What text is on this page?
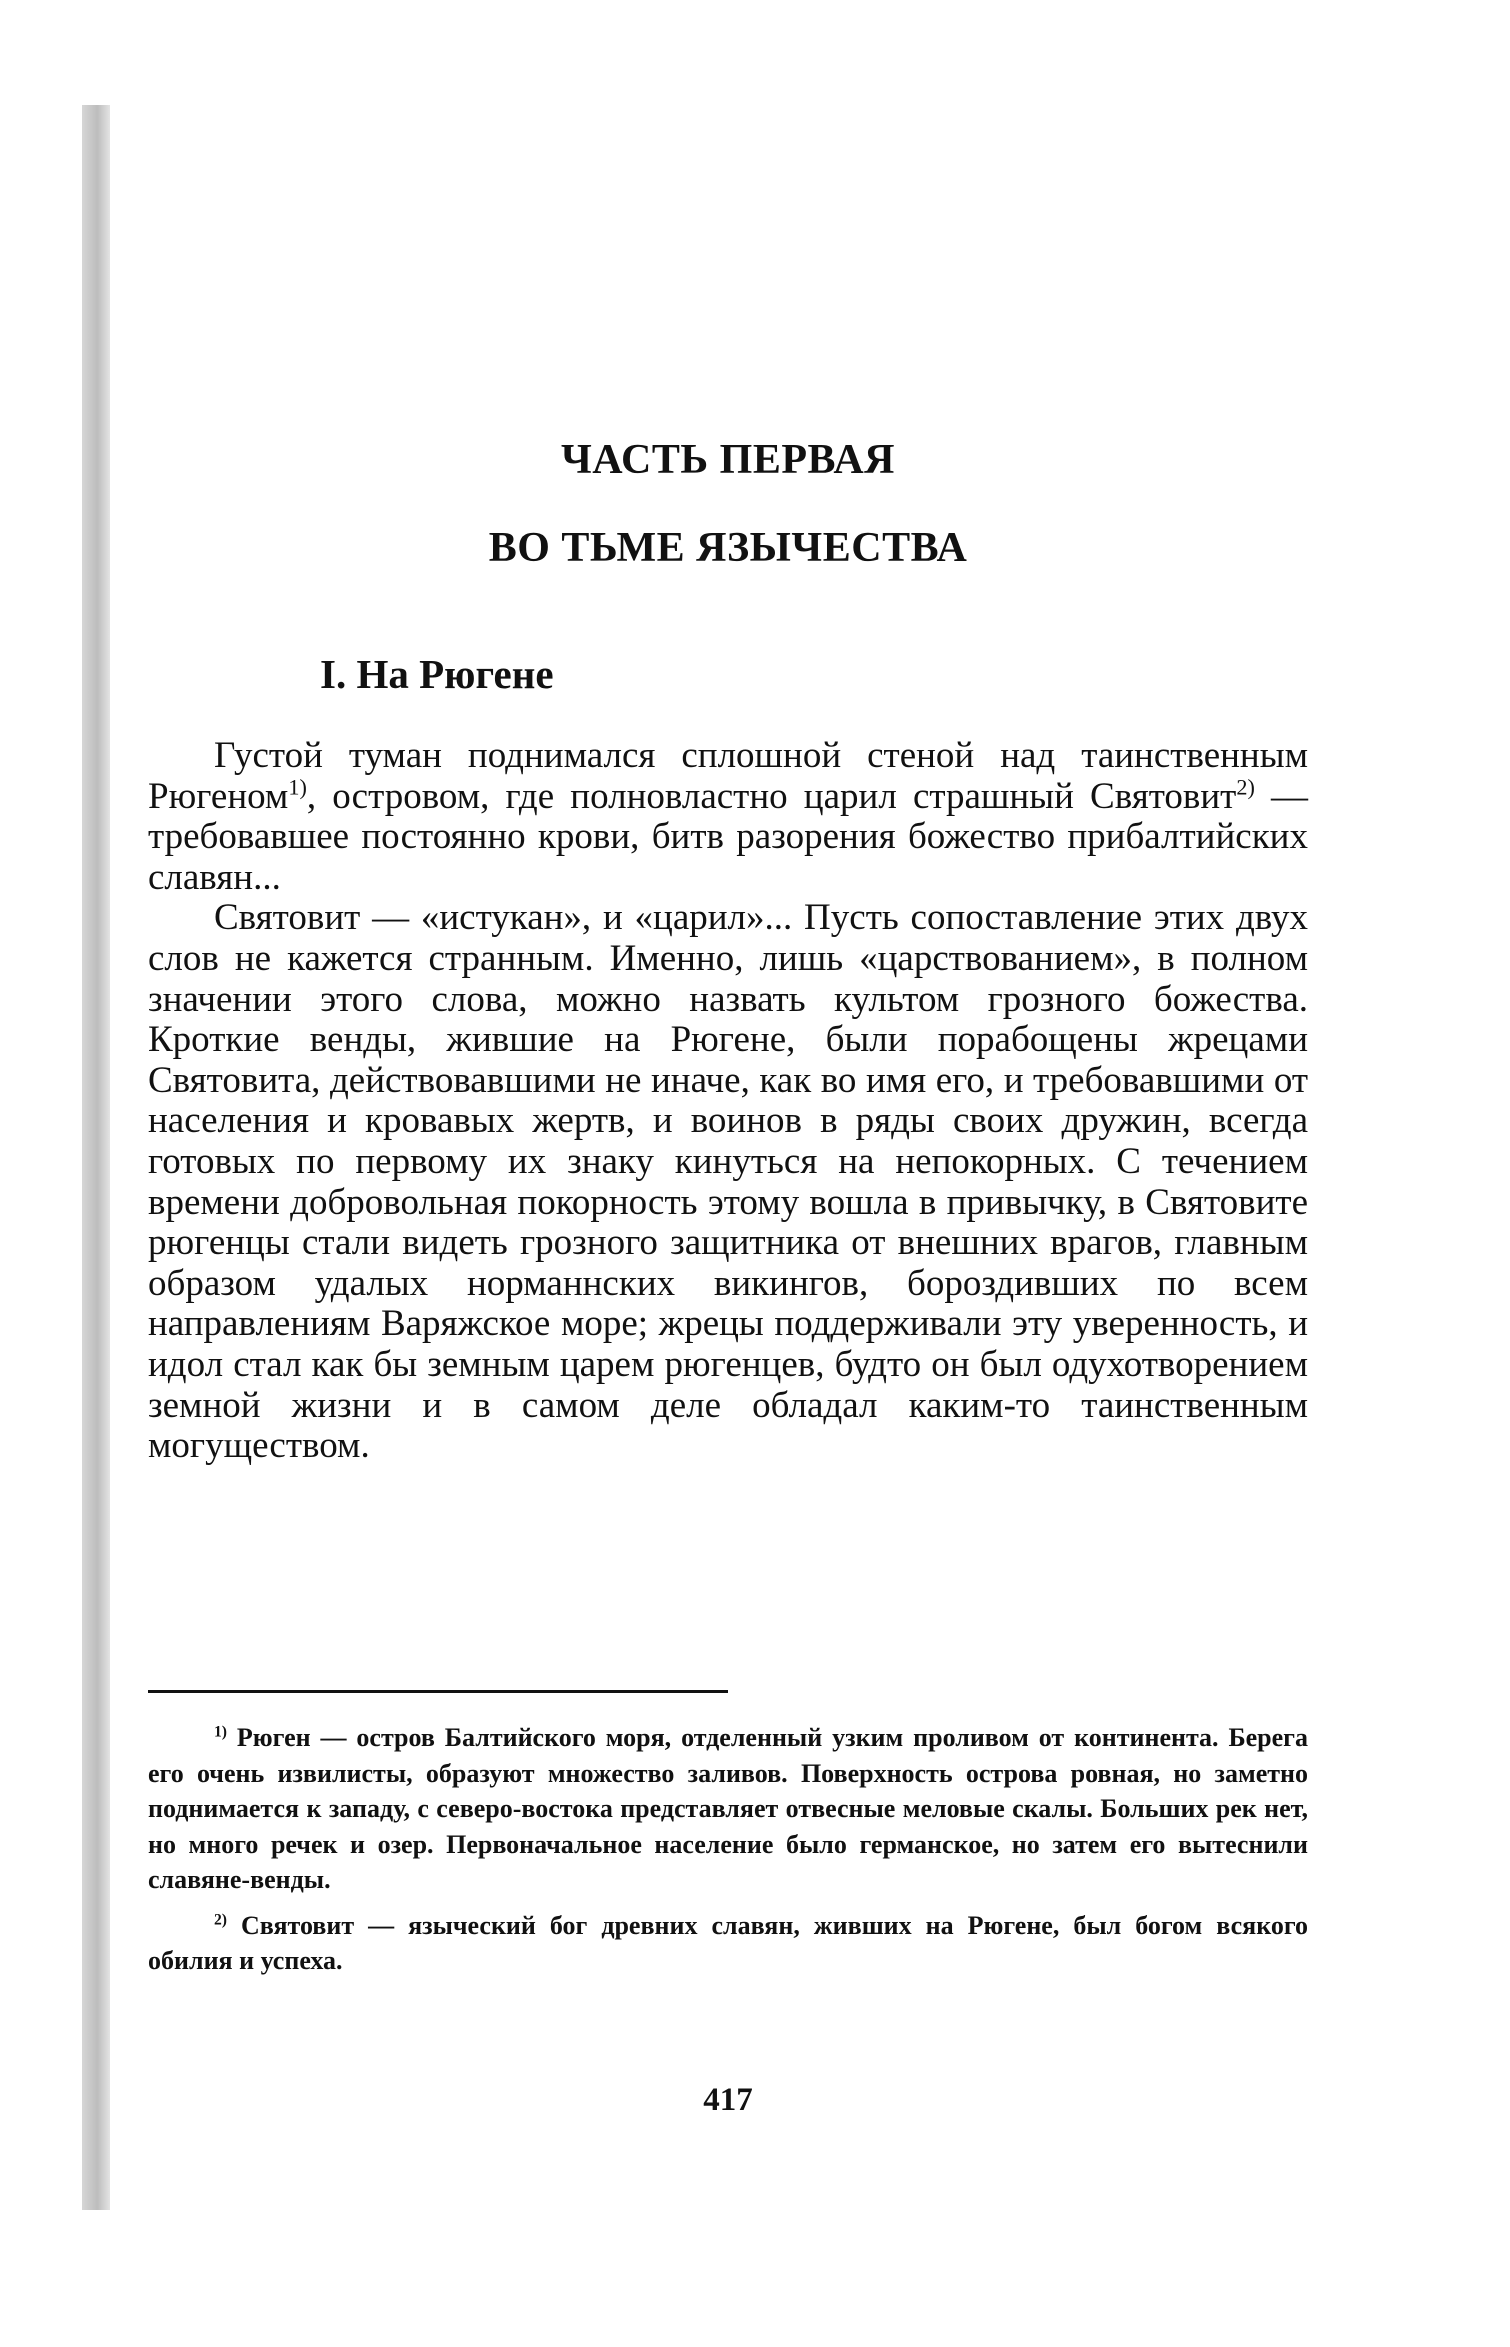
ЧАСТЬ ПЕРВАЯ
ВО ТЬМЕ ЯЗЫЧЕСТВА
I. На Рюгене

Густой туман поднимался сплошной стеной над таинственным Рюгеном$^{1)}$, островом, где полновластно царил страшный Святовит$^{2)}$ — требовавшее постоянно крови, битв разорения божество прибалтийских славян...

Святовит — «истукан», и «царил»... Пусть сопоставление этих двух слов не кажется странным. Именно, лишь «царствованием», в полном значении этого слова, можно назвать культом грозного божества. Кроткие венды, жившие на Рюгене, были порабощены жрецами Святовита, действовавшими не иначе, как во имя его, и требовавшими от населения и кровавых жертв, и воинов в ряды своих дружин, всегда готовых по первому их знаку кинуться на непокорных. С течением времени добровольная покорность этому вошла в привычку, в Святовите рюгенцы стали видеть грозного защитника от внешних врагов, главным образом удалых норманнских викингов, бороздивших по всем направлениям Варяжское море; жрецы поддерживали эту уверенность, и идол стал как бы земным царем рюгенцев, будто он был одухотворением земной жизни и в самом деле обладал каким-то таинственным могуществом.

$^{1)}$ Рюген — остров Балтийского моря, отделенный узким проливом от континента. Берега его очень извилисты, образуют множество заливов. Поверхность острова ровная, но заметно поднимается к западу, с северо-востока представляет отвесные меловые скалы. Больших рек нет, но много речек и озер. Первоначальное население было германское, но затем его вытеснили славяне-венды.

$^{2)}$ Святовит — языческий бог древних славян, живших на Рюгене, был богом всякого обилия и успеха.

417
